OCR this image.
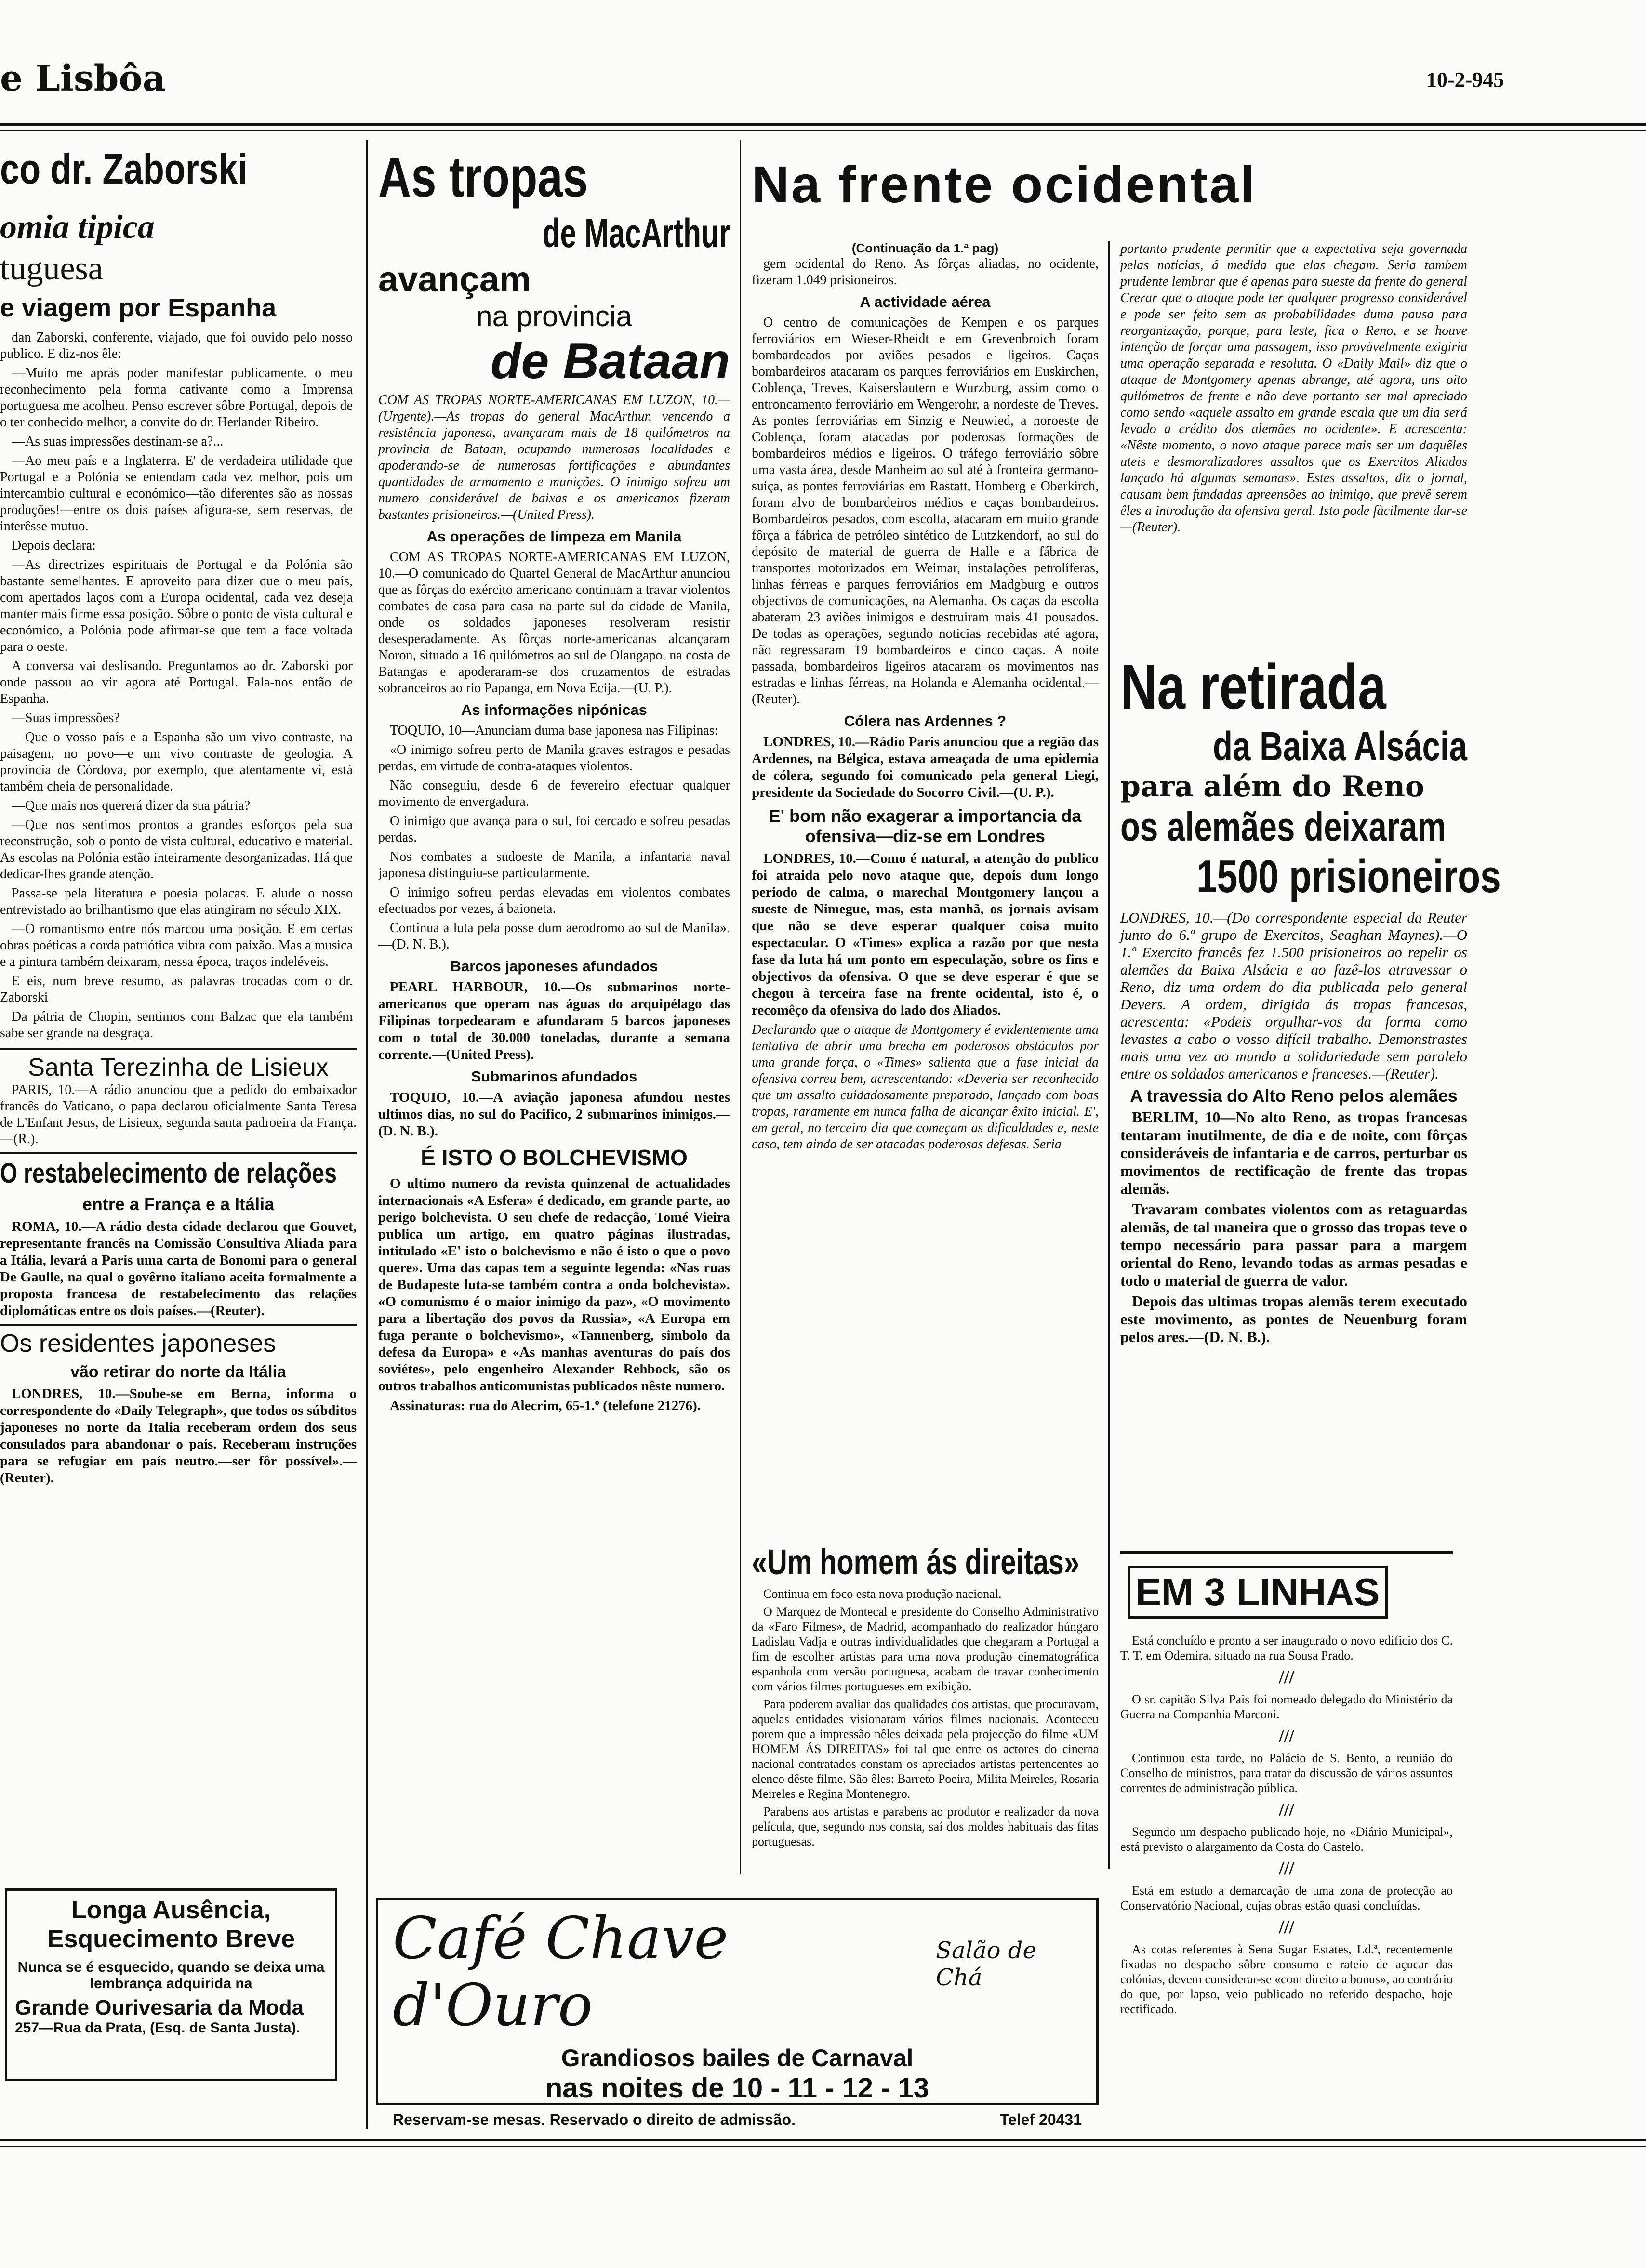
e Lisbôa	10-2-945
co dr. Zaborski
omia tipica
tuguesa
e viagem por Espanha

dan Zaborski, conferente, viajado, que foi ouvido pelo nosso publico. E diz-nos êle:

—Muito me aprás poder manifestar publicamente, o meu reconhecimento pela forma cativante como a Imprensa portuguesa me acolheu. Penso escrever sôbre Portugal, depois de o ter conhecido melhor, a convite do dr. Herlander Ribeiro.

—As suas impressões destinam-se a?...

—Ao meu país e a Inglaterra. E' de verdadeira utilidade que Portugal e a Polónia se entendam cada vez melhor, pois um intercambio cultural e económico—tão diferentes são as nossas produções!—entre os dois países afigura-se, sem reservas, de interêsse mutuo.

Depois declara:

—As directrizes espirituais de Portugal e da Polónia são bastante semelhantes. E aproveito para dizer que o meu país, com apertados laços com a Europa ocidental, cada vez deseja manter mais firme essa posição. Sôbre o ponto de vista cultural e económico, a Polónia pode afirmar-se que tem a face voltada para o oeste.

A conversa vai deslisando. Preguntamos ao dr. Zaborski por onde passou ao vir agora até Portugal. Fala-nos então de Espanha.

—Suas impressões?

—Que o vosso país e a Espanha são um vivo contraste, na paisagem, no povo—e um vivo contraste de geologia. A provincia de Córdova, por exemplo, que atentamente vi, está também cheia de personalidade.

—Que mais nos quererá dizer da sua pátria?

—Que nos sentimos prontos a grandes esforços pela sua reconstrução, sob o ponto de vista cultural, educativo e material. As escolas na Polónia estão inteiramente desorganizadas. Há que dedicar-lhes grande atenção.

Passa-se pela literatura e poesia polacas. E alude o nosso entrevistado ao brilhantismo que elas atingiram no século XIX.

—O romantismo entre nós marcou uma posição. E em certas obras poéticas a corda patriótica vibra com paixão. Mas a musica e a pintura também deixaram, nessa época, traços indeléveis.

E eis, num breve resumo, as palavras trocadas com o dr. Zaborski

Da pátria de Chopin, sentimos com Balzac que ela também sabe ser grande na desgraça.

Santa Terezinha de Lisieux

PARIS, 10.—A rádio anunciou que a pedido do embaixador francês do Vaticano, o papa declarou oficialmente Santa Teresa de L'Enfant Jesus, de Lisieux, segunda santa padroeira da França.—(R.).

O restabelecimento de relações
entre a França e a Itália

ROMA, 10.—A rádio desta cidade declarou que Gouvet, representante francês na Comissão Consultiva Aliada para a Itália, levará a Paris uma carta de Bonomi para o general De Gaulle, na qual o govêrno italiano aceita formalmente a proposta francesa de restabelecimento das relações diplomáticas entre os dois países.—(Reuter).

Os residentes japoneses
vão retirar do norte da Itália

LONDRES, 10.—Soube-se em Berna, informa o correspondente do «Daily Telegraph», que todos os súbditos japoneses no norte da Italia receberam ordem dos seus consulados para abandonar o país. Receberam instruções para se refugiar em país neutro.—ser fôr possível».—(Reuter).

Longa Ausência,
Esquecimento Breve
Nunca se é esquecido, quando se deixa uma lembrança adquirida na
Grande Ourivesaria da Moda
257—Rua da Prata, (Esq. de Santa Justa).
As tropas
de MacArthur
avançam
na provincia
de Bataan

COM AS TROPAS NORTE-AMERICANAS EM LUZON, 10.—(Urgente).—As tropas do general MacArthur, vencendo a resistência japonesa, avançaram mais de 18 quilómetros na provincia de Bataan, ocupando numerosas localidades e apoderando-se de numerosas fortificações e abundantes quantidades de armamento e munições. O inimigo sofreu um numero considerável de baixas e os americanos fizeram bastantes prisioneiros.—(United Press).

As operações de limpeza em Manila

COM AS TROPAS NORTE-AMERICANAS EM LUZON, 10.—O comunicado do Quartel General de MacArthur anunciou que as fôrças do exército americano continuam a travar violentos combates de casa para casa na parte sul da cidade de Manila, onde os soldados japoneses resolveram resistir desesperadamente. As fôrças norte-americanas alcançaram Noron, situado a 16 quilómetros ao sul de Olangapo, na costa de Batangas e apoderaram-se dos cruzamentos de estradas sobranceiros ao rio Papanga, em Nova Ecija.—(U. P.).

As informações nipónicas

TOQUIO, 10—Anunciam duma base japonesa nas Filipinas:

«O inimigo sofreu perto de Manila graves estragos e pesadas perdas, em virtude de contra-ataques violentos.

Não conseguiu, desde 6 de fevereiro efectuar qualquer movimento de envergadura.

O inimigo que avança para o sul, foi cercado e sofreu pesadas perdas.

Nos combates a sudoeste de Manila, a infantaria naval japonesa distinguiu-se particularmente.

O inimigo sofreu perdas elevadas em violentos combates efectuados por vezes, á baioneta.

Continua a luta pela posse dum aerodromo ao sul de Manila».—(D. N. B.).

Barcos japoneses afundados

PEARL HARBOUR, 10.—Os submarinos norte-americanos que operam nas águas do arquipélago das Filipinas torpedearam e afundaram 5 barcos japoneses com o total de 30.000 toneladas, durante a semana corrente.—(United Press).

Submarinos afundados

TOQUIO, 10.—A aviação japonesa afundou nestes ultimos dias, no sul do Pacifico, 2 submarinos inimigos.—(D. N. B.).

É ISTO O BOLCHEVISMO

O ultimo numero da revista quinzenal de actualidades internacionais «A Esfera» é dedicado, em grande parte, ao perigo bolchevista. O seu chefe de redacção, Tomé Vieira publica um artigo, em quatro páginas ilustradas, intitulado «E' isto o bolchevismo e não é isto o que o povo quere». Uma das capas tem a seguinte legenda: «Nas ruas de Budapeste luta-se também contra a onda bolchevista». «O comunismo é o maior inimigo da paz», «O movimento para a libertação dos povos da Russia», «A Europa em fuga perante o bolchevismo», «Tannenberg, simbolo da defesa da Europa» e «As manhas aventuras do país dos soviétes», pelo engenheiro Alexander Rehbock, são os outros trabalhos anticomunistas publicados nêste numero.

Assinaturas: rua do Alecrim, 65-1.º (telefone 21276).

Na frente ocidental
(Continuação da 1.ª pag)

gem ocidental do Reno. As fôrças aliadas, no ocidente, fizeram 1.049 prisioneiros.

A actividade aérea

O centro de comunicações de Kempen e os parques ferroviários em Wieser-Rheidt e em Grevenbroich foram bombardeados por aviões pesados e ligeiros. Caças bombardeiros atacaram os parques ferroviários em Euskirchen, Coblença, Treves, Kaiserslautern e Wurzburg, assim como o entroncamento ferroviário em Wengerohr, a nordeste de Treves. As pontes ferroviárias em Sinzig e Neuwied, a noroeste de Coblença, foram atacadas por poderosas formações de bombardeiros médios e ligeiros. O tráfego ferroviário sôbre uma vasta área, desde Manheim ao sul até à fronteira germano-suiça, as pontes ferroviárias em Rastatt, Homberg e Oberkirch, foram alvo de bombardeiros médios e caças bombardeiros. Bombardeiros pesados, com escolta, atacaram em muito grande fôrça a fábrica de petróleo sintético de Lutzkendorf, ao sul do depósito de material de guerra de Halle e a fábrica de transportes motorizados em Weimar, instalações petrolíferas, linhas férreas e parques ferroviários em Madgburg e outros objectivos de comunicações, na Alemanha. Os caças da escolta abateram 23 aviões inimigos e destruiram mais 41 pousados. De todas as operações, segundo noticias recebidas até agora, não regressaram 19 bombardeiros e cinco caças. A noite passada, bombardeiros ligeiros atacaram os movimentos nas estradas e linhas férreas, na Holanda e Alemanha ocidental.—(Reuter).

Cólera nas Ardennes ?

LONDRES, 10.—Rádio Paris anunciou que a região das Ardennes, na Bélgica, estava ameaçada de uma epidemia de cólera, segundo foi comunicado pela general Liegi, presidente da Sociedade do Socorro Civil.—(U. P.).

E' bom não exagerar a importancia da ofensiva—diz-se em Londres

LONDRES, 10.—Como é natural, a atenção do publico foi atraida pelo novo ataque que, depois dum longo periodo de calma, o marechal Montgomery lançou a sueste de Nimegue, mas, esta manhã, os jornais avisam que não se deve esperar qualquer coisa muito espectacular. O «Times» explica a razão por que nesta fase da luta há um ponto em especulação, sobre os fins e objectivos da ofensiva. O que se deve esperar é que se chegou à terceira fase na frente ocidental, isto é, o recomêço da ofensiva do lado dos Aliados.

Declarando que o ataque de Montgomery é evidentemente uma tentativa de abrir uma brecha em poderosos obstáculos por uma grande força, o «Times» salienta que a fase inicial da ofensiva correu bem, acrescentando: «Deveria ser reconhecido que um assalto cuidadosamente preparado, lançado com boas tropas, raramente em nunca falha de alcançar êxito inicial. E', em geral, no terceiro dia que começam as dificuldades e, neste caso, tem ainda de ser atacadas poderosas defesas. Seria

portanto prudente permitir que a expectativa seja governada pelas noticias, á medida que elas chegam. Seria tambem prudente lembrar que é apenas para sueste da frente do general Crerar que o ataque pode ter qualquer progresso considerável e pode ser feito sem as probabilidades duma pausa para reorganização, porque, para leste, fica o Reno, e se houve intenção de forçar uma passagem, isso provàvelmente exigiria uma operação separada e resoluta. O «Daily Mail» diz que o ataque de Montgomery apenas abrange, até agora, uns oito quilómetros de frente e não deve portanto ser mal apreciado como sendo «aquele assalto em grande escala que um dia será levado a crédito dos alemães no ocidente». E acrescenta: «Nêste momento, o novo ataque parece mais ser um daquêles uteis e desmoralizadores assaltos que os Exercitos Aliados lançado há algumas semanas». Estes assaltos, diz o jornal, causam bem fundadas apreensões ao inimigo, que prevê serem êles a introdução da ofensiva geral. Isto pode fàcilmente dar-se—(Reuter).

Na retirada
da Baixa Alsácia
para além do Reno
os alemães deixaram
1500 prisioneiros

LONDRES, 10.—(Do correspondente especial da Reuter junto do 6.º grupo de Exercitos, Seaghan Maynes).—O 1.º Exercito francês fez 1.500 prisioneiros ao repelir os alemães da Baixa Alsácia e ao fazê-los atravessar o Reno, diz uma ordem do dia publicada pelo general Devers. A ordem, dirigida ás tropas francesas, acrescenta: «Podeis orgulhar-vos da forma como levastes a cabo o vosso difícil trabalho. Demonstrastes mais uma vez ao mundo a solidariedade sem paralelo entre os soldados americanos e franceses.—(Reuter).

A travessia do Alto Reno pelos alemães

BERLIM, 10—No alto Reno, as tropas francesas tentaram inutilmente, de dia e de noite, com fôrças consideráveis de infantaria e de carros, perturbar os movimentos de rectificação de frente das tropas alemãs.

Travaram combates violentos com as retaguardas alemãs, de tal maneira que o grosso das tropas teve o tempo necessário para passar para a margem oriental do Reno, levando todas as armas pesadas e todo o material de guerra de valor.

Depois das ultimas tropas alemãs terem executado este movimento, as pontes de Neuenburg foram pelos ares.—(D. N. B.).

«Um homem ás direitas»

Continua em foco esta nova produção nacional.

O Marquez de Montecal e presidente do Conselho Administrativo da «Faro Filmes», de Madrid, acompanhado do realizador húngaro Ladislau Vadja e outras individualidades que chegaram a Portugal a fim de escolher artistas para uma nova produção cinematográfica espanhola com versão portuguesa, acabam de travar conhecimento com vários filmes portugueses em exibição.

Para poderem avaliar das qualidades dos artistas, que procuravam, aquelas entidades visionaram vários filmes nacionais. Aconteceu porem que a impressão nêles deixada pela projecção do filme «UM HOMEM ÁS DIREITAS» foi tal que entre os actores do cinema nacional contratados constam os apreciados artistas pertencentes ao elenco dêste filme. São êles: Barreto Poeira, Milita Meireles, Rosaria Meireles e Regina Montenegro.

Parabens aos artistas e parabens ao produtor e realizador da nova película, que, segundo nos consta, saí dos moldes habituais das fitas portuguesas.

EM 3 LINHAS

Está concluído e pronto a ser inaugurado o novo edificio dos C. T. T. em Odemira, situado na rua Sousa Prado.

///

O sr. capitão Silva Pais foi nomeado delegado do Ministério da Guerra na Companhia Marconi.

///

Continuou esta tarde, no Palácio de S. Bento, a reunião do Conselho de ministros, para tratar da discussão de vários assuntos correntes de administração pública.

///

Segundo um despacho publicado hoje, no «Diário Municipal», está previsto o alargamento da Costa do Castelo.

///

Está em estudo a demarcação de uma zona de protecção ao Conservatório Nacional, cujas obras estão quasi concluídas.

///

As cotas referentes à Sena Sugar Estates, Ld.ª, recentemente fixadas no despacho sôbre consumo e rateio de açucar das colónias, devem considerar-se «com direito a bonus», ao contrário do que, por lapso, veio publicado no referido despacho, hoje rectificado.

Café Chave d'Ouro
Salão de Chá
Grandiosos bailes de Carnaval
nas noites de 10 - 11 - 12 - 13
Reservam-se mesas. Reservado o direito de admissão.	Telef 20431
